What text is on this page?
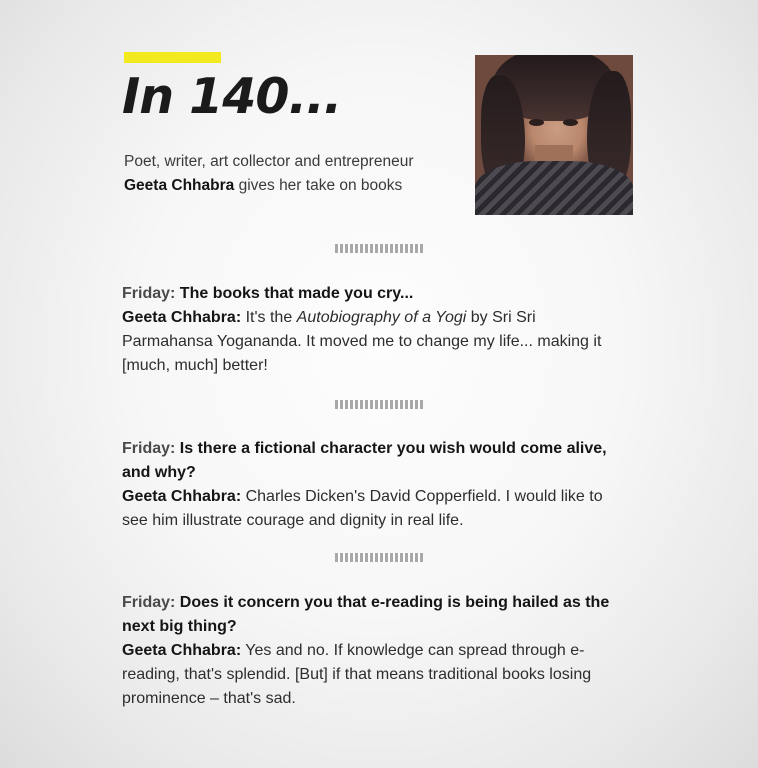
In 140...
Poet, writer, art collector and entrepreneur Geeta Chhabra gives her take on books
Friday: The books that made you cry...
Geeta Chhabra: It's the Autobiography of a Yogi by Sri Sri Parmahansa Yogananda. It moved me to change my life... making it [much, much] better!
Friday: Is there a fictional character you wish would come alive, and why?
Geeta Chhabra: Charles Dicken's David Copperfield. I would like to see him illustrate courage and dignity in real life.
Friday: Does it concern you that e-reading is being hailed as the next big thing?
Geeta Chhabra: Yes and no. If knowledge can spread through e-reading, that's splendid. [But] if that means traditional books losing prominence – that's sad.
